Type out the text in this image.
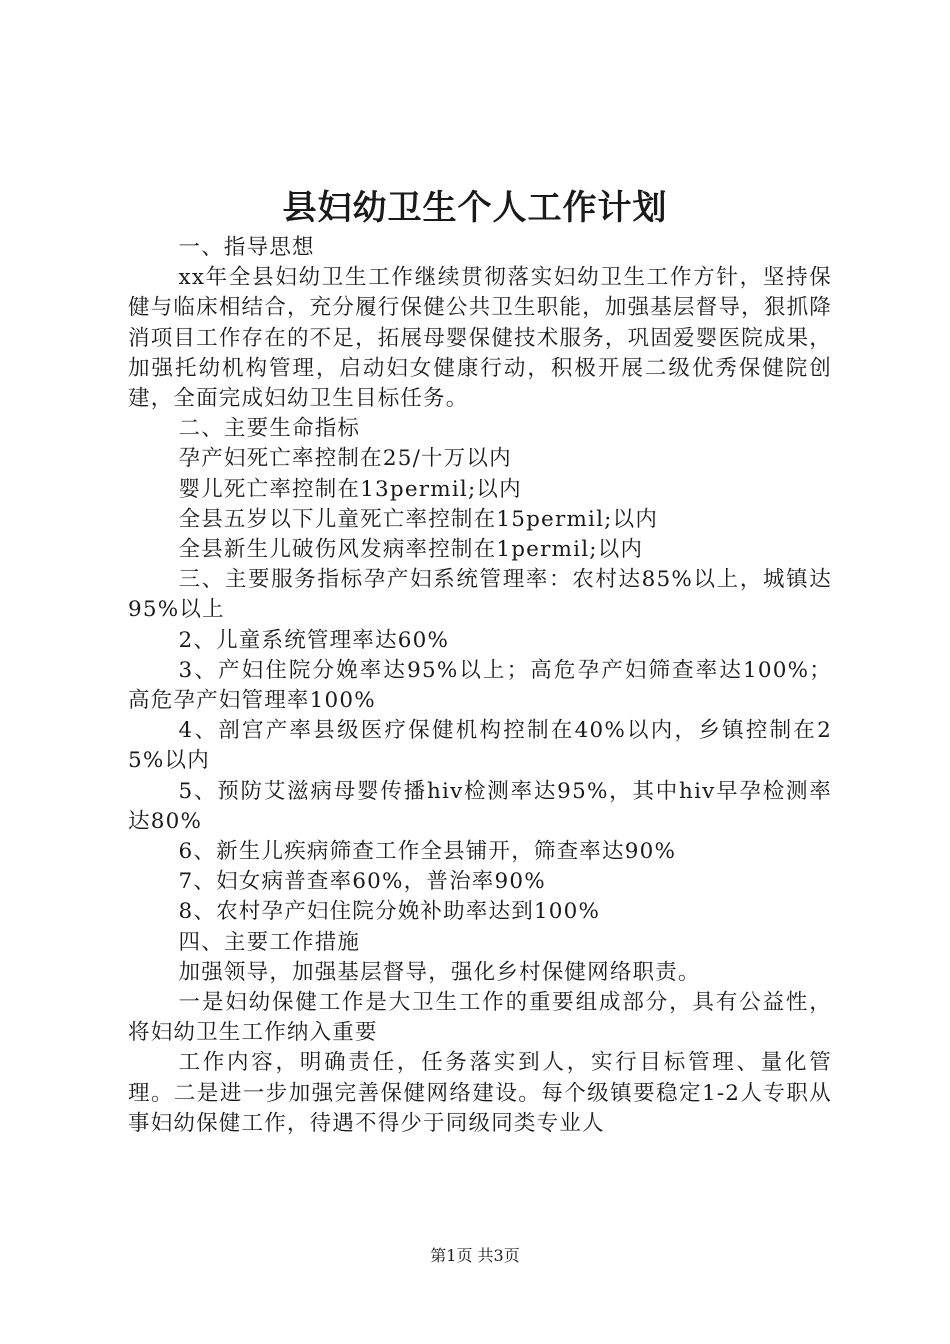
县妇幼卫生个人工作计划

一、指导思想

xx年全县妇幼卫生工作继续贯彻落实妇幼卫生工作方针，坚持保健与临床相结合，充分履行保健公共卫生职能，加强基层督导，狠抓降消项目工作存在的不足，拓展母婴保健技术服务，巩固爱婴医院成果，加强托幼机构管理，启动妇女健康行动，积极开展二级优秀保健院创建，全面完成妇幼卫生目标任务。

二、主要生命指标

孕产妇死亡率控制在25/十万以内

婴儿死亡率控制在13permil;以内

全县五岁以下儿童死亡率控制在15permil;以内

全县新生儿破伤风发病率控制在1permil;以内

三、主要服务指标孕产妇系统管理率：农村达85%以上，城镇达95%以上

2、儿童系统管理率达60%

3、产妇住院分娩率达95%以上；高危孕产妇筛查率达100%；高危孕产妇管理率100%

4、剖宫产率县级医疗保健机构控制在40%以内，乡镇控制在25%以内

5、预防艾滋病母婴传播hiv检测率达95%，其中hiv早孕检测率达80%

6、新生儿疾病筛查工作全县铺开，筛查率达90%

7、妇女病普查率60%，普治率90%

8、农村孕产妇住院分娩补助率达到100%

四、主要工作措施

加强领导，加强基层督导，强化乡村保健网络职责。

一是妇幼保健工作是大卫生工作的重要组成部分，具有公益性，将妇幼卫生工作纳入重要

工作内容，明确责任，任务落实到人，实行目标管理、量化管理。二是进一步加强完善保健网络建设。每个级镇要稳定1-2人专职从事妇幼保健工作，待遇不得少于同级同类专业人

第1页 共3页
